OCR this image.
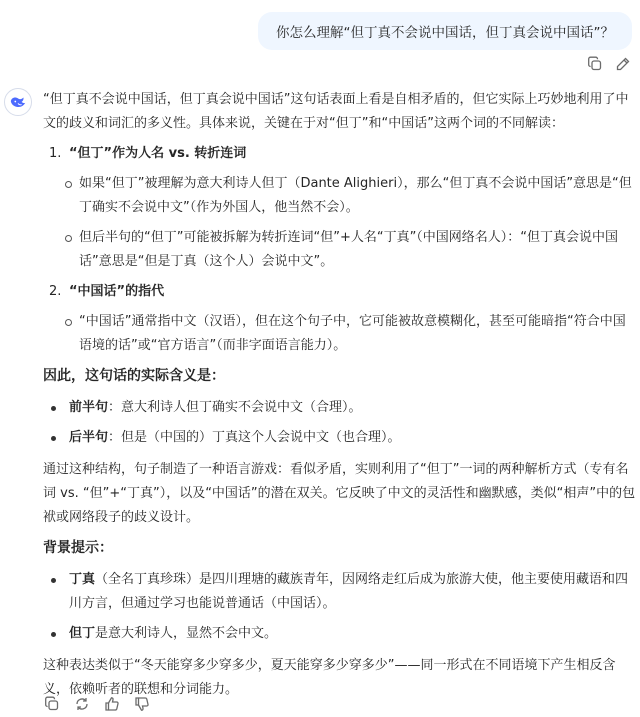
你怎么理解“但丁真不会说中国话，但丁真会说中国话”？

“但丁真不会说中国话，但丁真会说中国话”这句话表面上看是自相矛盾的，但它实际上巧妙地利用了中文的歧义和词汇的多义性。具体来说，关键在于对“但丁”和“中国话”这两个词的不同解读：

1. “但丁”作为人名 vs. 转折连词
如果“但丁”被理解为意大利诗人但丁（Dante Alighieri），那么“但丁真不会说中国话”意思是“但丁确实不会说中文”（作为外国人，他当然不会）。
但后半句的“但丁”可能被拆解为转折连词“但”+人名“丁真”（中国网络名人）：“但丁真会说中国话”意思是“但是丁真（这个人）会说中文”。
2. “中国话”的指代
“中国话”通常指中文（汉语），但在这个句子中，它可能被故意模糊化，甚至可能暗指“符合中国语境的话”或“官方语言”（而非字面语言能力）。
因此，这句话的实际含义是：
前半句：意大利诗人但丁确实不会说中文（合理）。
后半句：但是（中国的）丁真这个人会说中文（也合理）。

通过这种结构，句子制造了一种语言游戏：看似矛盾，实则利用了“但丁”一词的两种解析方式（专有名词 vs. “但”+“丁真”），以及“中国话”的潜在双关。它反映了中文的灵活性和幽默感，类似“相声”中的包袱或网络段子的歧义设计。

背景提示：
丁真（全名丁真珍珠）是四川理塘的藏族青年，因网络走红后成为旅游大使，他主要使用藏语和四川方言，但通过学习也能说普通话（中国话）。
但丁是意大利诗人，显然不会中文。

这种表达类似于“冬天能穿多少穿多少，夏天能穿多少穿多少”——同一形式在不同语境下产生相反含义，依赖听者的联想和分词能力。
